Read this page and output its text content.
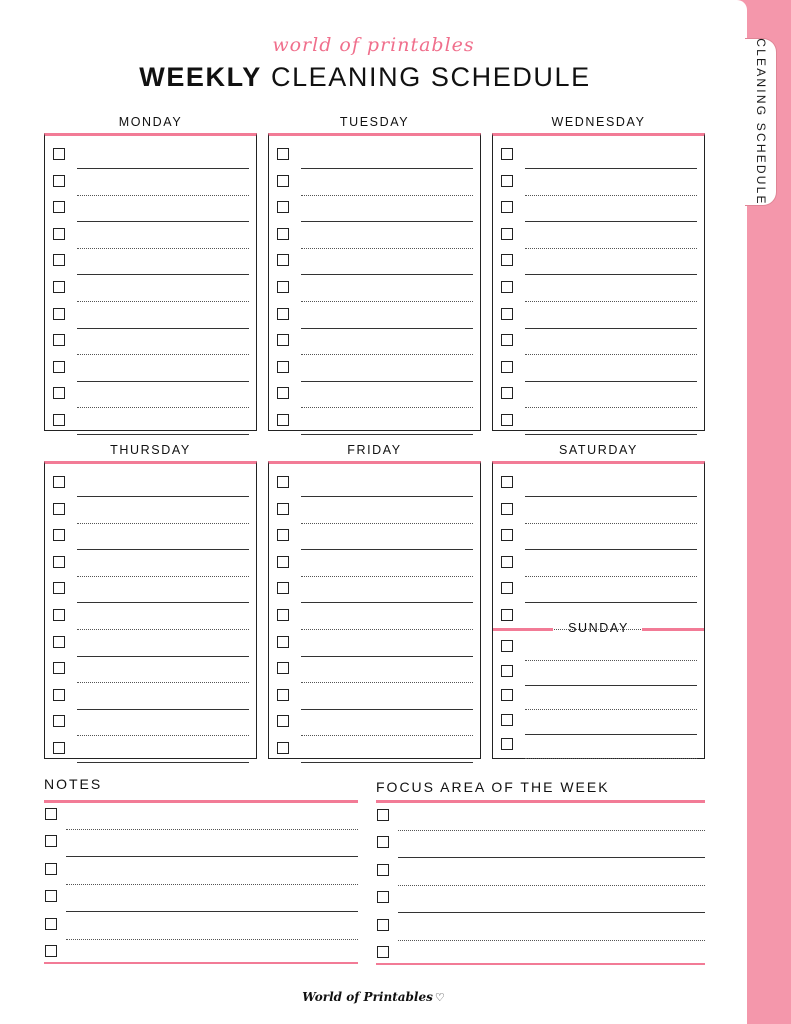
world of printables
WEEKLY CLEANING SCHEDULE
MONDAY	TUESDAY	WEDNESDAY
THURSDAY	FRIDAY	SATURDAY
SUNDAY
NOTES	FOCUS AREA OF THE WEEK
World of Printables ♡
CLEANING SCHEDULE
